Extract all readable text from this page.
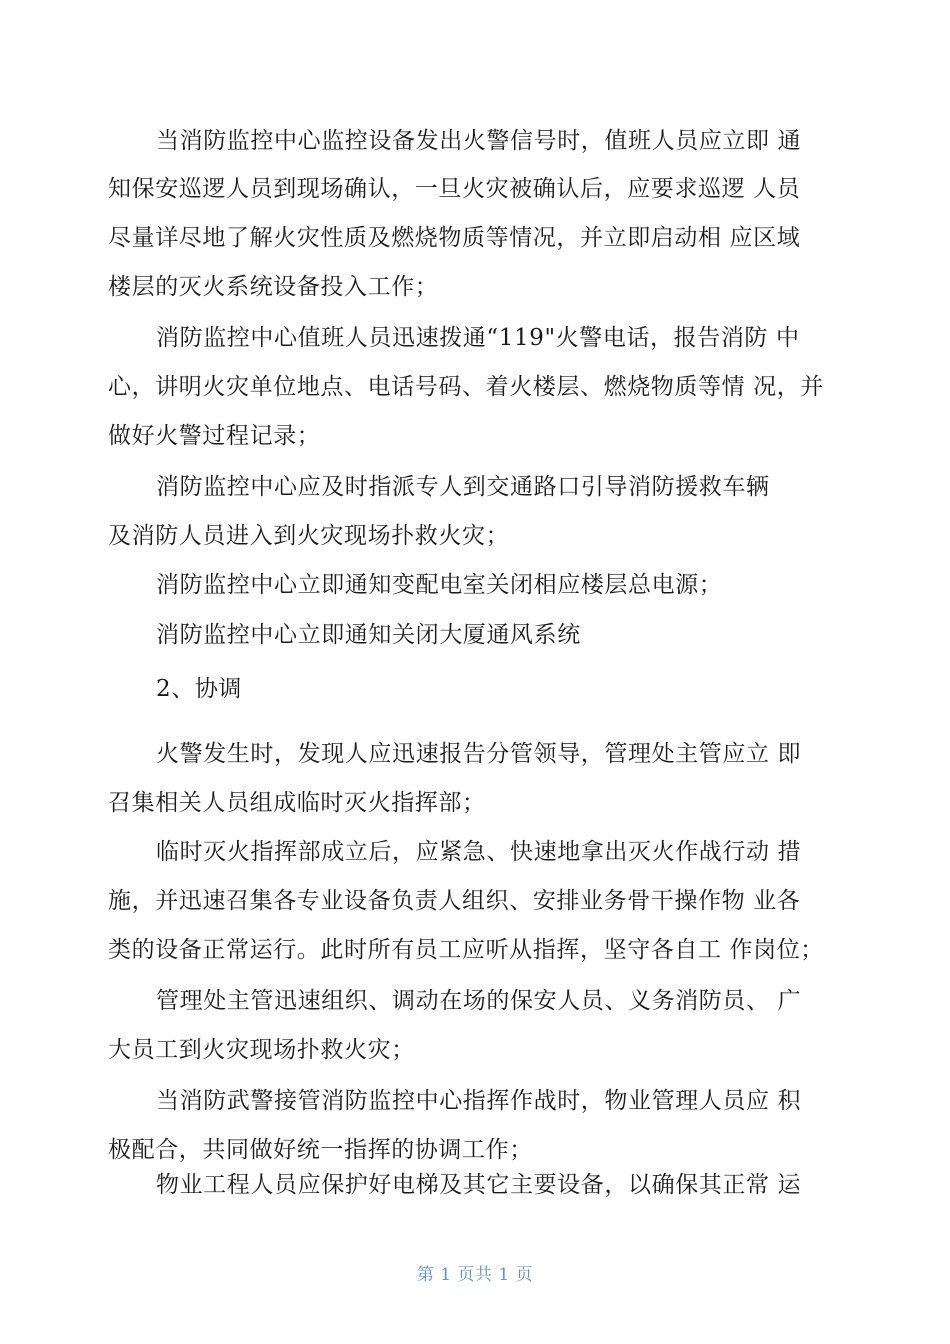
当消防监控中心监控设备发出火警信号时，值班人员应立即 通
知保安巡逻人员到现场确认，一旦火灾被确认后，应要求巡逻 人员
尽量详尽地了解火灾性质及燃烧物质等情况，并立即启动相 应区域
楼层的灭火系统设备投入工作；
消防监控中心值班人员迅速拨通“119"火警电话，报告消防 中
心，讲明火灾单位地点、电话号码、着火楼层、燃烧物质等情 况，并
做好火警过程记录；
消防监控中心应及时指派专人到交通路口引导消防援救车辆
及消防人员进入到火灾现场扑救火灾；
消防监控中心立即通知变配电室关闭相应楼层总电源；
消防监控中心立即通知关闭大厦通风系统
2、协调
火警发生时，发现人应迅速报告分管领导，管理处主管应立 即
召集相关人员组成临时灭火指挥部；
临时灭火指挥部成立后，应紧急、快速地拿出灭火作战行动 措
施，并迅速召集各专业设备负责人组织、安排业务骨干操作物 业各
类的设备正常运行。此时所有员工应听从指挥，坚守各自工 作岗位；
管理处主管迅速组织、调动在场的保安人员、义务消防员、 广
大员工到火灾现场扑救火灾；
当消防武警接管消防监控中心指挥作战时，物业管理人员应 积
极配合，共同做好统一指挥的协调工作；
物业工程人员应保护好电梯及其它主要设备，以确保其正常 运
第 1 页共 1 页
